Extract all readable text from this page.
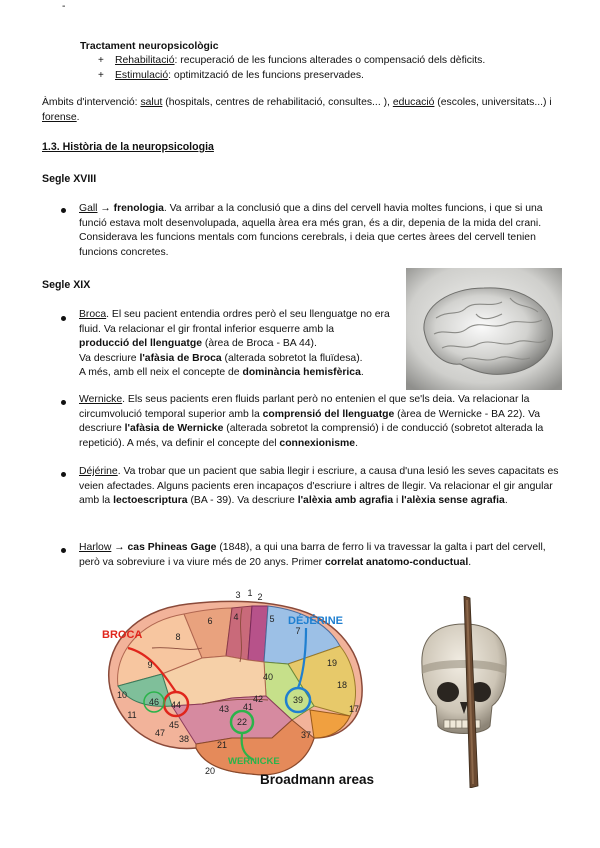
-
Tractament neuropsicològic
+ Rehabilitació: recuperació de les funcions alterades o compensació dels dèficits.
+ Estimulació: optimització de les funcions preservades.
Àmbits d'intervenció: salut (hospitals, centres de rehabilitació, consultes... ), educació (escoles, universitats...) i forense.
1.3. Història de la neuropsicologia
Segle XVIII
Gall → frenologia. Va arribar a la conclusió que a dins del cervell havia moltes funcions, i que si una funció estava molt desenvolupada, aquella àrea era més gran, és a dir, depenia de la mida del crani. Considerava les funcions mentals com funcions cerebrals, i deia que certes àrees del cervell tenien funcions concretes.
Segle XIX
Broca. El seu pacient entendia ordres però el seu llenguatge no era fluid. Va relacionar el gir frontal inferior esquerre amb la
producció del llenguatge (àrea de Broca - BA 44).
Va descriure l'afàsia de Broca (alterada sobretot la fluïdesa).
A més, amb ell neix el concepte de dominància hemisfèrica.
Wernicke. Els seus pacients eren fluids parlant però no entenien el que se'ls deia. Va relacionar la circumvolució temporal superior amb la comprensió del llenguatge (àrea de Wernicke - BA 22). Va descriure l'afàsia de Wernicke (alterada sobretot la comprensió) i de conducció (sobretot alterada la repetició). A més, va definir el concepte del connexionisme.
Déjérine. Va trobar que un pacient que sabia llegir i escriure, a causa d'una lesió les seves capacitats es veien afectades. Alguns pacients eren incapaços d'escriure i altres de llegir. Va relacionar el gir angular amb la lectoescriptura (BA - 39). Va descriure l'alèxia amb agrafia i l'alèxia sense agrafia.
Harlow → cas Phineas Gage (1848), a qui una barra de ferro li va travessar la galta i part del cervell, però va sobreviure i va viure més de 20 anys. Primer correlat anatomo-conductual.
3 1 2
4	5
6
7
8
9
10
11
17
18
19
20
21
22
37
38
39
40
41
42
43
44
45
46
47
BROCA
DÉJÉRINE
WERNICKE
Broadmann areas
